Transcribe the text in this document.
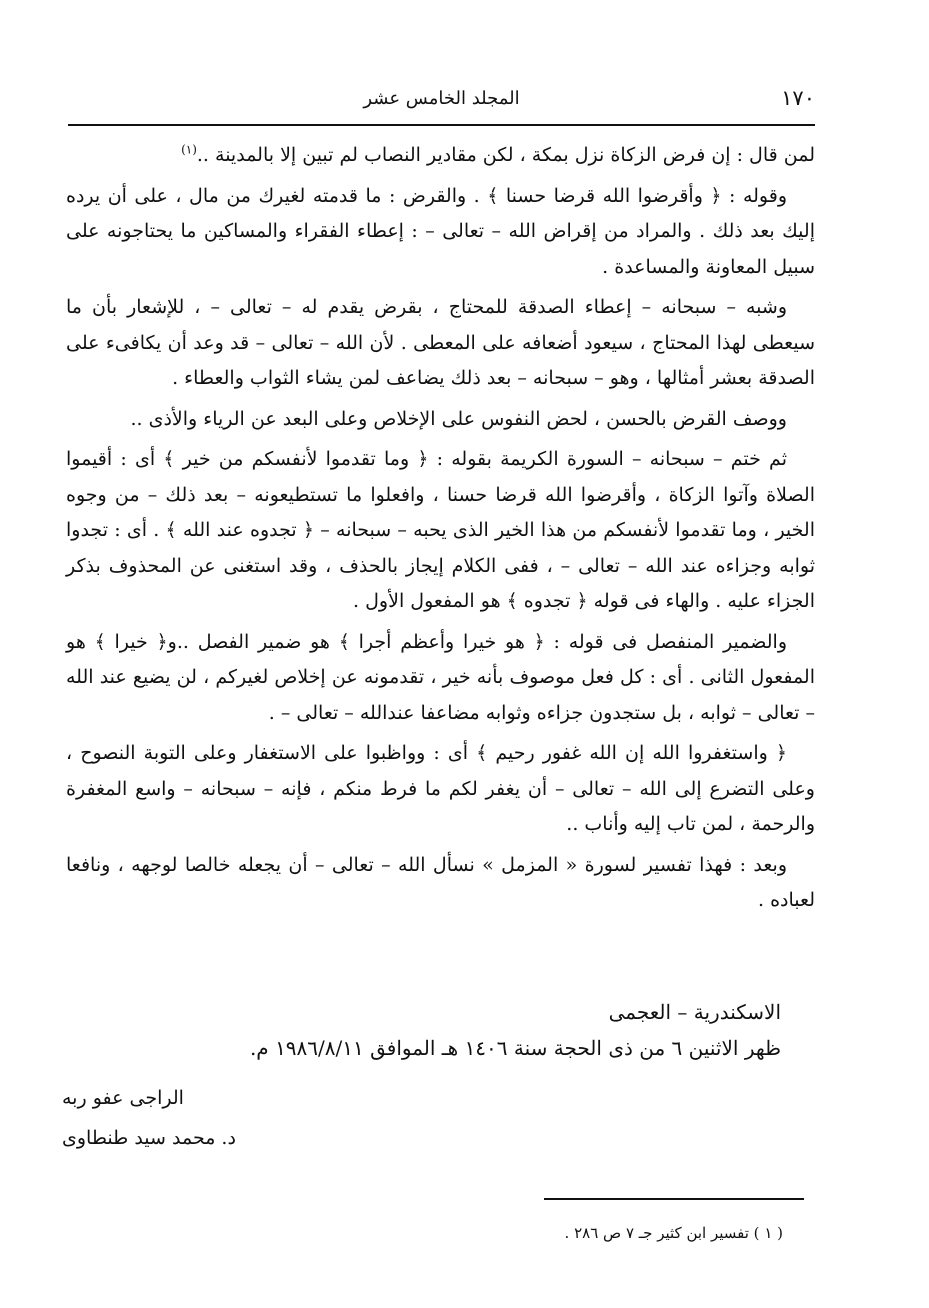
١٧٠
المجلد الخامس عشر

لمن قال : إن فرض الزكاة نزل بمكة ، لكن مقادير النصاب لم تبين إلا بالمدينة ..$^{(١)}$

وقوله : ﴿ وأقرضوا الله قرضا حسنا ﴾ . والقرض : ما قدمته لغيرك من مال ، على أن يرده إليك بعد ذلك . والمراد من إقراض الله – تعالى – : إعطاء الفقراء والمساكين ما يحتاجونه على سبيل المعاونة والمساعدة .

وشبه – سبحانه – إعطاء الصدقة للمحتاج ، بقرض يقدم له – تعالى – ، للإشعار بأن ما سيعطى لهذا المحتاج ، سيعود أضعافه على المعطى . لأن الله – تعالى – قد وعد أن يكافىء على الصدقة بعشر أمثالها ، وهو – سبحانه – بعد ذلك يضاعف لمن يشاء الثواب والعطاء .

ووصف القرض بالحسن ، لحض النفوس على الإخلاص وعلى البعد عن الرياء والأذى ..

ثم ختم – سبحانه – السورة الكريمة بقوله : ﴿ وما تقدموا لأنفسكم من خير ﴾ أى : أقيموا الصلاة وآتوا الزكاة ، وأقرضوا الله قرضا حسنا ، وافعلوا ما تستطيعونه – بعد ذلك – من وجوه الخير ، وما تقدموا لأنفسكم من هذا الخير الذى يحبه – سبحانه – ﴿ تجدوه عند الله ﴾ . أى : تجدوا ثوابه وجزاءه عند الله – تعالى – ، ففى الكلام إيجاز بالحذف ، وقد استغنى عن المحذوف بذكر الجزاء عليه . والهاء فى قوله ﴿ تجدوه ﴾ هو المفعول الأول .

والضمير المنفصل فى قوله : ﴿ هو خيرا وأعظم أجرا ﴾ هو ضمير الفصل ..و﴿ خيرا ﴾ هو المفعول الثانى . أى : كل فعل موصوف بأنه خير ، تقدمونه عن إخلاص لغيركم ، لن يضيع عند الله – تعالى – ثوابه ، بل ستجدون جزاءه وثوابه مضاعفا عندالله – تعالى – .

﴿ واستغفروا الله إن الله غفور رحيم ﴾ أى : وواظبوا على الاستغفار وعلى التوبة النصوح ، وعلى التضرع إلى الله – تعالى – أن يغفر لكم ما فرط منكم ، فإنه – سبحانه – واسع المغفرة والرحمة ، لمن تاب إليه وأناب ..

وبعد : فهذا تفسير لسورة « المزمل » نسأل الله – تعالى – أن يجعله خالصا لوجهه ، ونافعا لعباده .

الاسكندرية – العجمى
ظهر الاثنين ٦ من ذى الحجة سنة ١٤٠٦ هـ الموافق ١٩٨٦/٨/١١ م.
الراجى عفو ربه
د. محمد سيد طنطاوى
( ١ ) تفسير ابن كثير جـ ٧ ص ٢٨٦ .
